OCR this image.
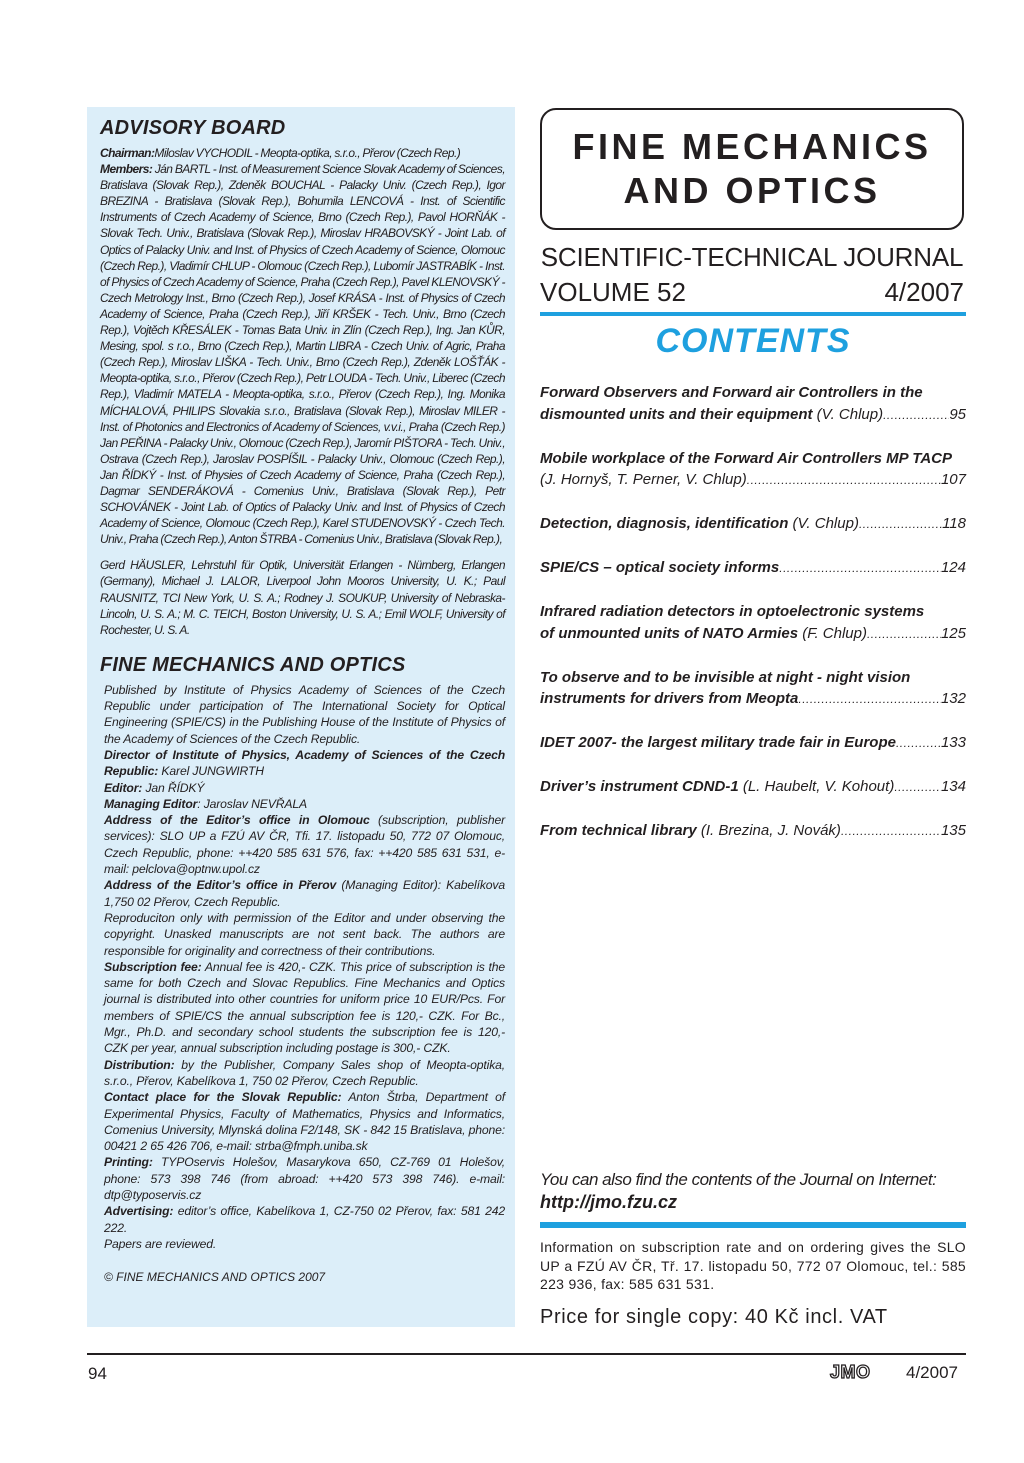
ADVISORY BOARD

Chairman:Miloslav VYCHODIL - Meopta-optika, s.r.o., Přerov (Czech Rep.)
Members: Ján BARTL - Inst. of Measurement Science Slovak Academy of Sciences, Bratislava (Slovak Rep.), Zdeněk BOUCHAL - Palacky Univ. (Czech Rep.), Igor BREZINA - Bratislava (Slovak Rep.), Bohumila LENCOVÁ - Inst. of Scientific Instruments of Czech Academy of Science, Brno (Czech Rep.), Pavol HORŇÁK - Slovak Tech. Univ., Bratislava (Slovak Rep.), Miroslav HRABOVSKÝ - Joint Lab. of Optics of Palacky Univ. and Inst. of Physics of Czech Academy of Science, Olomouc (Czech Rep.), Vladimír CHLUP - Olomouc (Czech Rep.), Lubomír JASTRABÍK - Inst. of Physics of Czech Academy of Science, Praha (Czech Rep.), Pavel KLENOVSKÝ - Czech Metrology Inst., Brno (Czech Rep.), Josef KRÁSA - Inst. of Physics of Czech Academy of Science, Praha (Czech Rep.), Jiří KRŠEK - Tech. Univ., Brno (Czech Rep.), Vojtěch KŘESÁLEK - Tomas Bata Univ. in Zlín (Czech Rep.), Ing. Jan KŮR, Mesing, spol. s r.o., Brno (Czech Rep.), Martin LIBRA - Czech Univ. of Agric, Praha (Czech Rep.), Miroslav LIŠKA - Tech. Univ., Brno (Czech Rep.), Zdeněk LOŠŤÁK - Meopta-optika, s.r.o., Přerov (Czech Rep.), Petr LOUDA - Tech. Univ., Liberec (Czech Rep.), Vladimír MATELA - Meopta-optika, s.r.o., Přerov (Czech Rep.), Ing. Monika MÍCHALOVÁ, PHILIPS Slovakia s.r.o., Bratislava (Slovak Rep.), Miroslav MILER - Inst. of Photonics and Electronics of Academy of Sciences, v.v.i., Praha (Czech Rep.) Jan PEŘINA - Palacky Univ., Olomouc (Czech Rep.), Jaromír PIŠTORA - Tech. Univ., Ostrava (Czech Rep.), Jaroslav POSPÍŠIL - Palacky Univ., Olomouc (Czech Rep.), Jan ŘÍDKÝ - Inst. of Physies of Czech Academy of Science, Praha (Czech Rep.), Dagmar SENDERÁKOVÁ - Comenius Univ., Bratislava (Slovak Rep.), Petr SCHOVÁNEK - Joint Lab. of Optics of Palacky Univ. and Inst. of Physics of Czech Academy of Science, Olomouc (Czech Rep.), Karel STUDENOVSKÝ - Czech Tech. Univ., Praha (Czech Rep.), Anton ŠTRBA - Comenius Univ., Bratislava (Slovak Rep.),

Gerd HÄUSLER, Lehrstuhl für Optik, Universität Erlangen - Nürnberg, Erlangen (Germany), Michael J. LALOR, Liverpool John Mooros University, U. K.; Paul RAUSNITZ, TCI New York, U. S. A.; Rodney J. SOUKUP, University of Nebraska-Lincoln, U. S. A.; M. C. TEICH, Boston University, U. S. A.; Emil WOLF, University of Rochester, U. S. A.

FINE MECHANICS AND OPTICS

Published by Institute of Physics Academy of Sciences of the Czech Republic under participation of The International Society for Optical Engineering (SPIE/CS) in the Publishing House of the Institute of Physics of the Academy of Sciences of the Czech Republic.

Director of Institute of Physics, Academy of Sciences of the Czech Republic: Karel JUNGWIRTH

Editor: Jan ŘÍDKÝ

Managing Editor: Jaroslav NEVŘALA

Address of the Editor’s office in Olomouc (subscription, publisher services): SLO UP a FZÚ AV ČR, Tfi. 17. listopadu 50, 772 07 Olomouc, Czech Republic, phone: ++420 585 631 576, fax: ++420 585 631 531, e-mail: pelclova@optnw.upol.cz

Address of the Editor’s office in Přerov (Managing Editor): Kabelíkova 1,750 02 Přerov, Czech Republic.

Reproduciton only with permission of the Editor and under observing the copyright. Unasked manuscripts are not sent back. The authors are responsible for originality and correctness of their contributions.

Subscription fee: Annual fee is 420,- CZK. This price of subscription is the same for both Czech and Slovac Republics. Fine Mechanics and Optics journal is distributed into other countries for uniform price 10 EUR/Pcs. For members of SPIE/CS the annual subscription fee is 120,- CZK. For Bc., Mgr., Ph.D. and secondary school students the subscription fee is 120,- CZK per year, annual subscription including postage is 300,- CZK.

Distribution: by the Publisher, Company Sales shop of Meopta-optika, s.r.o., Přerov, Kabelíkova 1, 750 02 Přerov, Czech Republic.

Contact place for the Slovak Republic: Anton Štrba, Department of Experimental Physics, Faculty of Mathematics, Physics and Informatics, Comenius University, Mlynská dolina F2/148, SK - 842 15 Bratislava, phone: 00421 2 65 426 706, e-mail: strba@fmph.uniba.sk

Printing: TYPOservis Holešov, Masarykova 650, CZ-769 01 Holešov, phone: 573 398 746 (from abroad: ++420 573 398 746). e-mail: dtp@typoservis.cz

Advertising: editor’s office, Kabelíkova 1, CZ-750 02 Přerov, fax: 581 242 222.

Papers are reviewed.

© FINE MECHANICS AND OPTICS 2007
FINE MECHANICS
AND OPTICS
SCIENTIFIC-TECHNICAL JOURNAL
VOLUME 52	4/2007
CONTENTS
Forward Observers and Forward air Controllers in the
dismounted units and their equipment (V. Chlup) .....	95
Mobile workplace of the Forward Air Controllers MP TACP
(J. Hornyš, T. Perner, V. Chlup) .....	107
Detection, diagnosis, identification (V. Chlup) .....	118
SPIE/CS – optical society informs .....	124
Infrared radiation detectors in optoelectronic systems
of unmounted units of NATO Armies (F. Chlup) .....	125
To observe and to be invisible at night - night vision
instruments for drivers from Meopta .....	132
IDET 2007- the largest military trade fair in Europe .....	133
Driver’s instrument CDND-1 (L. Haubelt, V. Kohout) .....	134
From technical library (I. Brezina, J. Novák) .....	135
You can also find the contents of the Journal on Internet:
http://jmo.fzu.cz
Information on subscription rate and on ordering gives the SLO UP a FZÚ AV ČR, Tř. 17. listopadu 50, 772 07 Olomouc, tel.: 585 223 936, fax: 585 631 531.
Price for single copy: 40 Kč incl. VAT
94	JMO 4/2007
